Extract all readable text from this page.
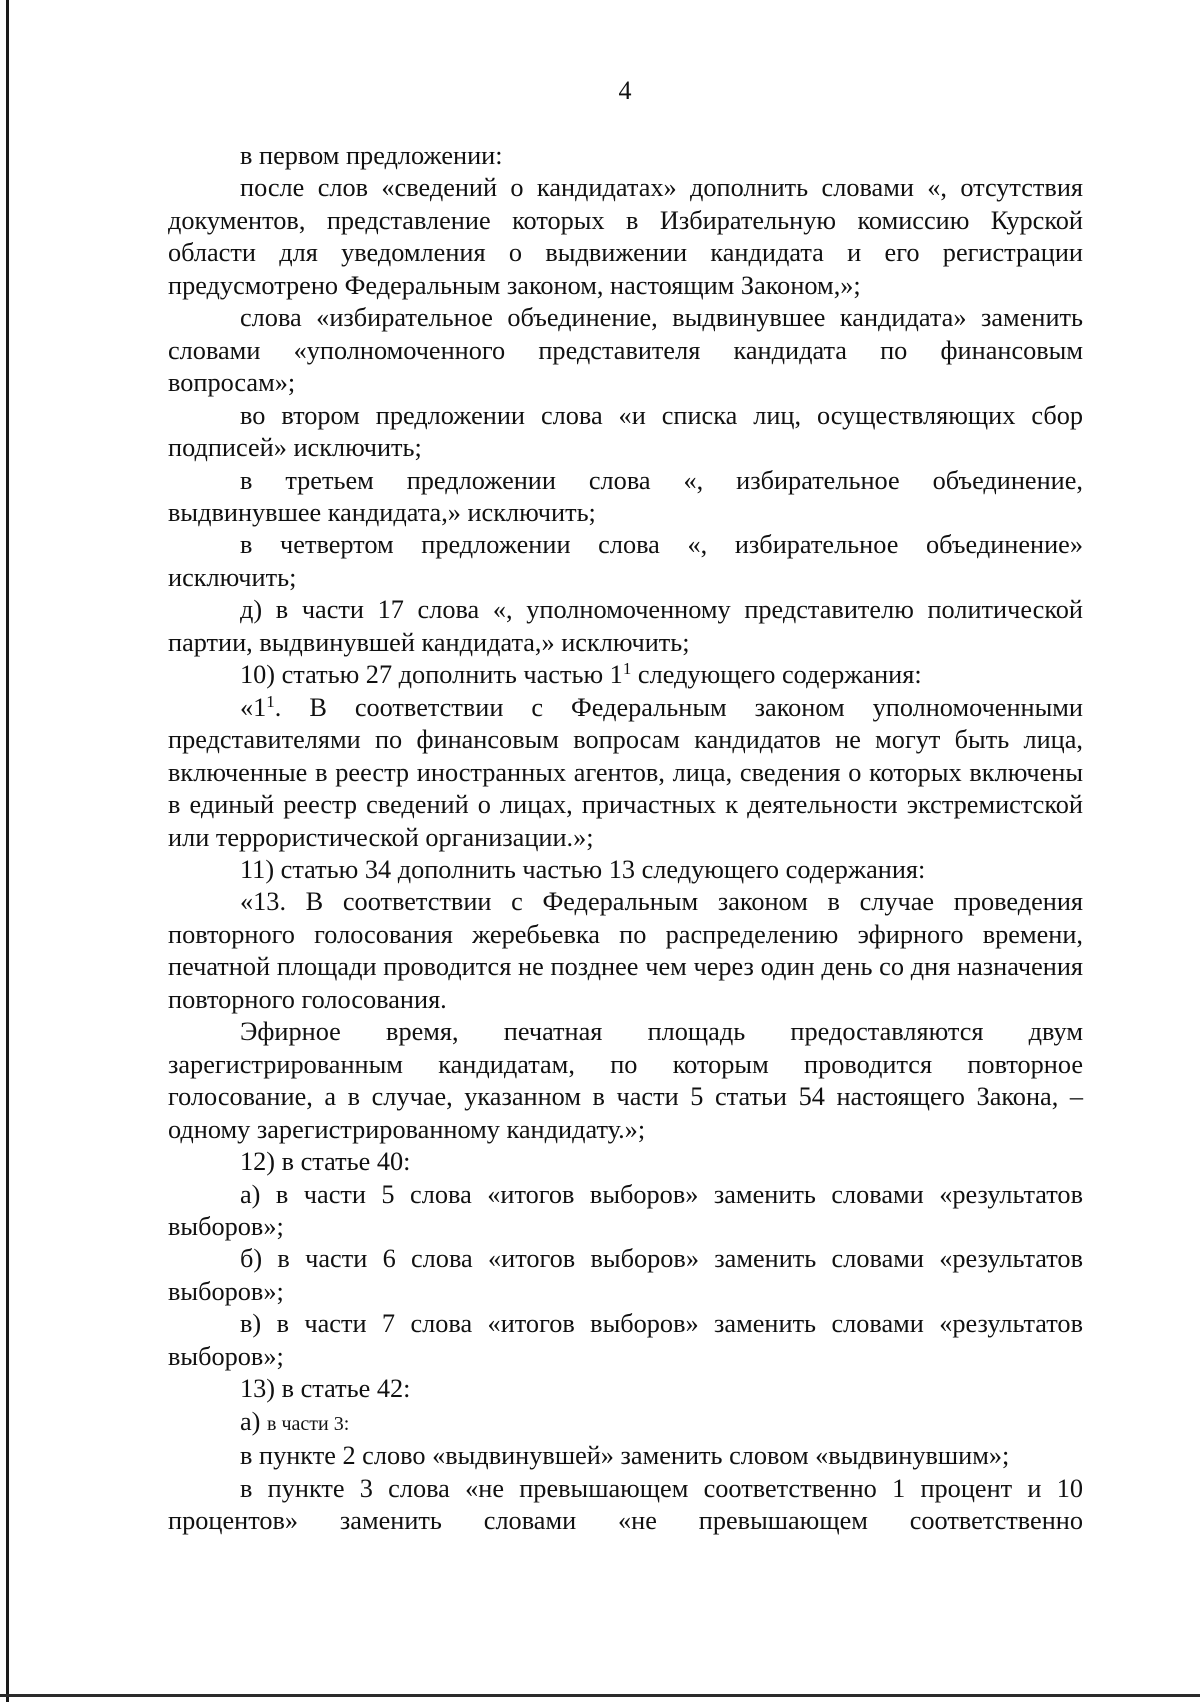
4

в первом предложении:

после слов «сведений о кандидатах» дополнить словами «, отсутствия документов, представление которых в Избирательную комиссию Курской области для уведомления о выдвижении кандидата и его регистрации предусмотрено Федеральным законом, настоящим Законом,»;

слова «избирательное объединение, выдвинувшее кандидата» заменить словами «уполномоченного представителя кандидата по финансовым вопросам»;

во втором предложении слова «и списка лиц, осуществляющих сбор подписей» исключить;

в третьем предложении слова «, избирательное объединение, выдвинувшее кандидата,» исключить;

в четвертом предложении слова «, избирательное объединение» исключить;

д) в части 17 слова «, уполномоченному представителю политической партии, выдвинувшей кандидата,» исключить;

10) статью 27 дополнить частью $1^1$ следующего содержания:

«$1^1$. В соответствии с Федеральным законом уполномоченными представителями по финансовым вопросам кандидатов не могут быть лица, включенные в реестр иностранных агентов, лица, сведения о которых включены в единый реестр сведений о лицах, причастных к деятельности экстремистской или террористической организации.»;

11) статью 34 дополнить частью 13 следующего содержания:

«13. В соответствии с Федеральным законом в случае проведения повторного голосования жеребьевка по распределению эфирного времени, печатной площади проводится не позднее чем через один день со дня назначения повторного голосования.

Эфирное время, печатная площадь предоставляются двум зарегистрированным кандидатам, по которым проводится повторное голосование, а в случае, указанном в части 5 статьи 54 настоящего Закона, – одному зарегистрированному кандидату.»;

12) в статье 40:

а) в части 5 слова «итогов выборов» заменить словами «результатов выборов»;

б) в части 6 слова «итогов выборов» заменить словами «результатов выборов»;

в) в части 7 слова «итогов выборов» заменить словами «результатов выборов»;

13) в статье 42:

а) в части 3:

в пункте 2 слово «выдвинувшей» заменить словом «выдвинувшим»;

в пункте 3 слова «не превышающем соответственно 1 процент и 10 процентов» заменить словами «не превышающем соответственно
